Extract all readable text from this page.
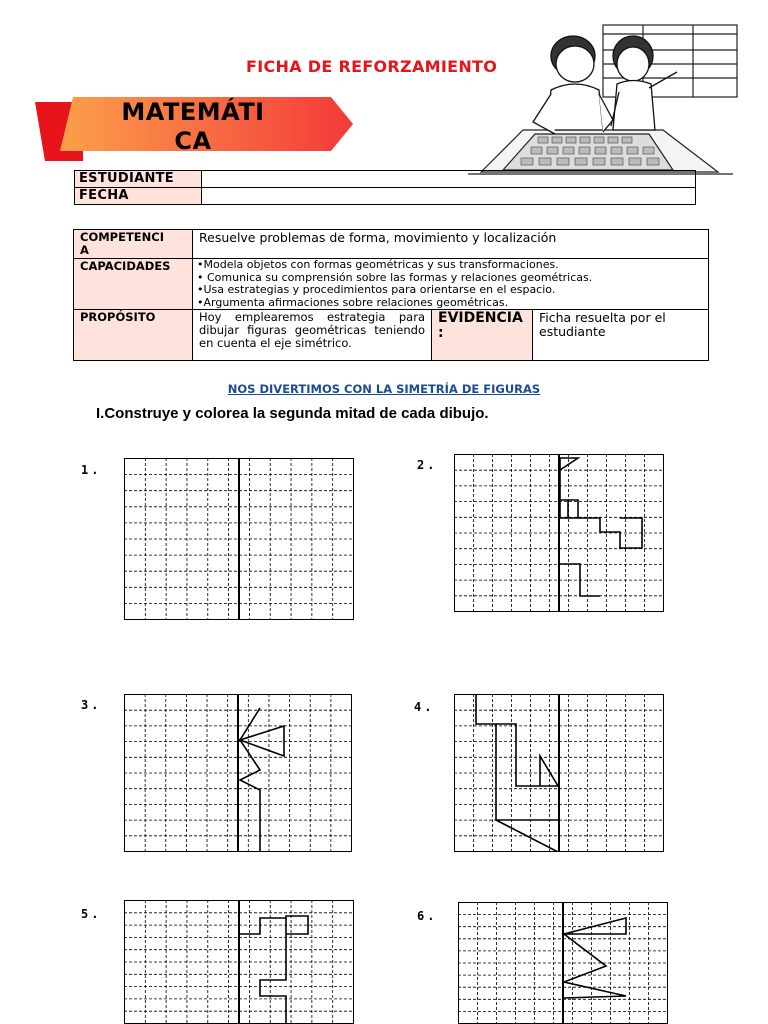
FICHA DE REFORZAMIENTO
MATEMÁTI
CA
ESTUDIANTE	
FECHA	
COMPETENCI
A	Resuelve problemas de forma, movimiento y localización		
CAPACIDADES	•Modela objetos con formas geométricas y sus transformaciones.
• Comunica su comprensión sobre las formas y relaciones geométricas.
•Usa estrategias y procedimientos para orientarse en el espacio.
•Argumenta afirmaciones sobre relaciones geométricas.		

PROPÓSITO	Hoy emplearemos estrategia para dibujar figuras geométricas teniendo en cuenta el eje simétrico.	EVIDENCIA
:	Ficha resuelta por el estudiante
NOS DIVERTIMOS CON LA SIMETRÍA DE FIGURAS
I.Construye y colorea la segunda mitad de cada dibujo.
1.	2.
3.	4.
5.	6.
